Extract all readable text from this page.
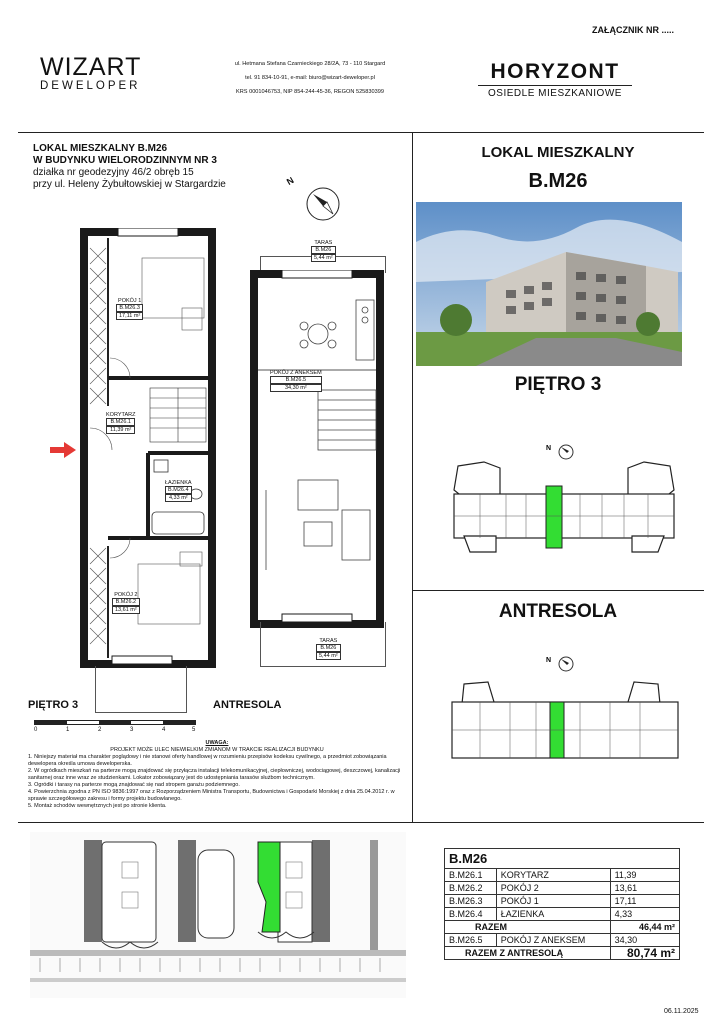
ZAŁĄCZNIK NR .....
WIZART
DEWELOPER
ul. Hetmana Stefana Czarnieckiego 28/2A, 73 - 110 Stargard
tel. 91 834-10-91, e-mail: biuro@wizart-deweloper.pl
KRS 0001046753, NIP 854-244-45-36, REGON 525830399
HORYZONT
OSIEDLE MIESZKANIOWE
LOKAL MIESZKALNY B.M26
W BUDYNKU WIELORODZINNYM NR 3
działka nr geodezyjny 46/2 obręb 15
przy ul. Heleny Żybułtowskiej w Stargardzie	N
POKÓJ 1
B.M26.3
17,11 m²
KORYTARZ
B.M26.1
11,39 m²
ŁAZIENKA
B.M26.4
4,33 m²
POKÓJ 2
B.M26.2
13,61 m²
TARAS
B.M26
5,44 m²
POKÓJ Z ANEKSEM
B.M26.5
34,30 m²
TARAS
B.M26
5,44 m²
PIĘTRO 3	ANTRESOLA
0	1	2	3	4	5
UWAGA:
PROJEKT MOŻE ULEC NIEWIELKIM ZMIANOM W TRAKCIE REALIZACJI BUDYNKU
1. Niniejszy materiał ma charakter poglądowy i nie stanowi oferty handlowej w rozumieniu przepisów kodeksu cywilnego, a przedmiot zobowiązania dewelopera określa umowa deweloperska.
2. W ogródkach mieszkań na parterze mogą znajdować się przyłącza instalacji telekomunikacyjnej, ciepłowniczej, wodociągowej, deszczowej, kanalizacji sanitarnej oraz inne wraz ze studzienkami. Lokator zobowiązany jest do udostępniania tarasów służbom technicznym.
3. Ogródki i tarasy na parterze mogą znajdować się nad stropem garażu podziemnego.
4. Powierzchnia zgodna z PN ISO 9836:1997 oraz z Rozporządzeniem Ministra Transportu, Budownictwa i Gospodarki Morskiej z dnia 25.04.2012 r. w sprawie szczegółowego zakresu i formy projektu budowlanego.
5. Montaż schodów wewnętrznych jest po stronie klienta.
LOKAL MIESZKALNY
B.M26
PIĘTRO 3
N
ANTRESOLA
N
B.M26
B.M26.1	KORYTARZ	11,39
B.M26.2	POKÓJ 2	13,61
B.M26.3	POKÓJ 1	17,11
B.M26.4	ŁAZIENKA	4,33
RAZEM		46,44 m²
B.M26.5	POKÓJ Z ANEKSEM	34,30
RAZEM Z ANTRESOLĄ		80,74 m²
06.11.2025
